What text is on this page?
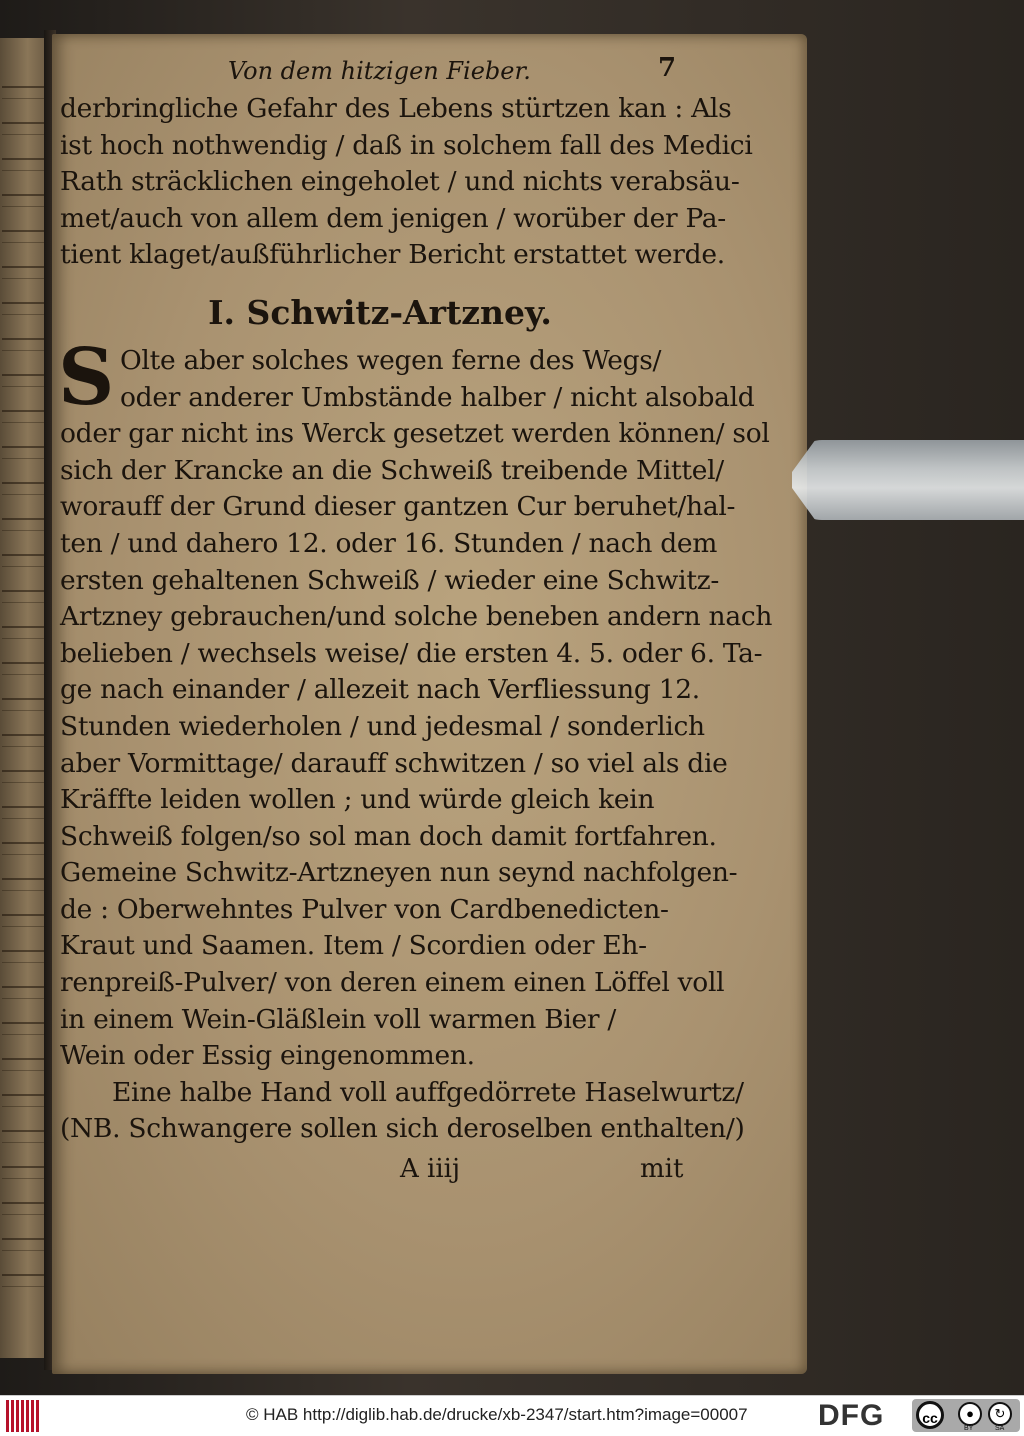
Von dem hitzigen Fieber.	7
derbringliche Gefahr des Lebens stürtzen kan : Als
ist hoch nothwendig / daß in solchem fall des Medici
Rath sträcklichen eingeholet / und nichts verabsäu-
met/auch von allem dem jenigen / worüber der Pa-
tient klaget/außführlicher Bericht erstattet werde.
I. Schwitz-Artzney.
S Olte aber solches wegen ferne des Wegs/
oder anderer Umbstände halber / nicht alsobald
oder gar nicht ins Werck gesetzet werden können/ sol
sich der Krancke an die Schweiß treibende Mittel/
worauff der Grund dieser gantzen Cur beruhet/hal-
ten / und dahero 12. oder 16. Stunden / nach dem
ersten gehaltenen Schweiß / wieder eine Schwitz-
Artzney gebrauchen/und solche beneben andern nach
belieben / wechsels weise/ die ersten 4. 5. oder 6. Ta-
ge nach einander / allezeit nach Verfliessung 12.
Stunden wiederholen / und jedesmal / sonderlich
aber Vormittage/ darauff schwitzen / so viel als die
Kräffte leiden wollen ; und würde gleich kein
Schweiß folgen/so sol man doch damit fortfahren.
Gemeine Schwitz-Artzneyen nun seynd nachfolgen-
de : Oberwehntes Pulver von Cardbenedicten-
Kraut und Saamen. Item / Scordien oder Eh-
renpreiß-Pulver/ von deren einem einen Löffel voll
in einem Wein-Gläßlein voll warmen Bier /
Wein oder Essig eingenommen.
Eine halbe Hand voll auffgedörrete Haselwurtz/
(NB. Schwangere sollen sich deroselben enthalten/)
A iiij	mit
© HAB http://diglib.hab.de/drucke/xb-2347/start.htm?image=00007 DFG	cc	●	↻
BY	SA
